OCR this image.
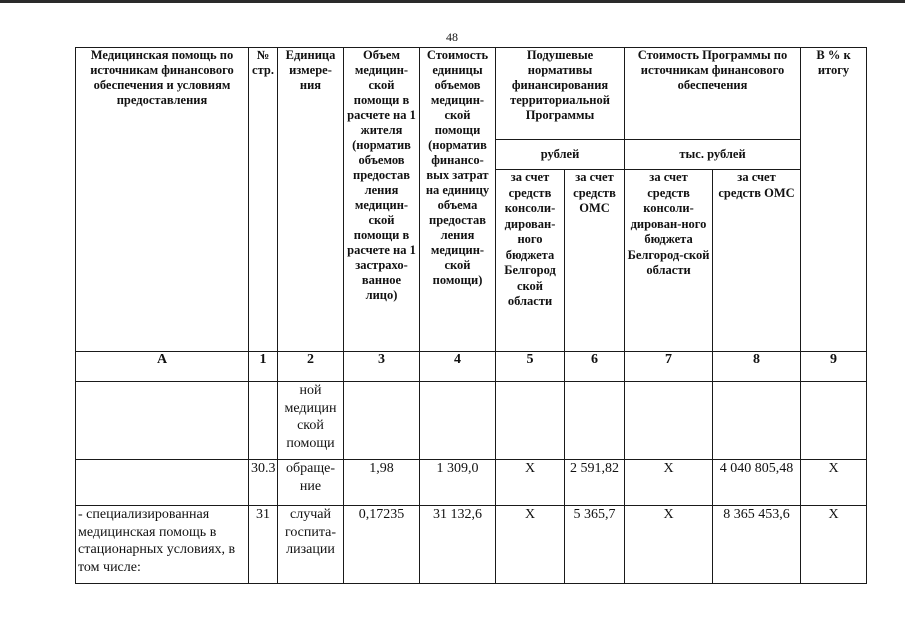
48
Медицинская помощь по источникам финансового обеспечения и условиям предоставления	№ стр.	Единица измере-ния	Объем медицин-ской помощи в расчете на 1 жителя (норматив объемов предостав ления медицин-ской помощи в расчете на 1 застрахо-ванное лицо)	Стоимость единицы объемов медицин-ской помощи (норматив финансо-вых затрат на единицу объема предостав ления медицин-ской помощи)	Подушевые нормативы финансирования территориальной Программы		Стоимость Программы по источникам финансового обеспечения		В % к итогу
					рублей		тыс. рублей		
					за счет средств консоли-дирован-ного бюджета Белгород ской области	за счет средств ОМС	за счет средств консоли-дирован-ного бюджета Белгород-ской области	за счет средств ОМС	
А	1	2	3	4	5	6	7	8	9
		ной медицин ской помощи							
	30.3	обраще-ние	1,98	1 309,0	X	2 591,82	X	4 040 805,48	X
- специализированная медицинская помощь в стационарных условиях, в том числе:	31	случай госпита-лизации	0,17235	31 132,6	X	5 365,7	X	8 365 453,6	X
